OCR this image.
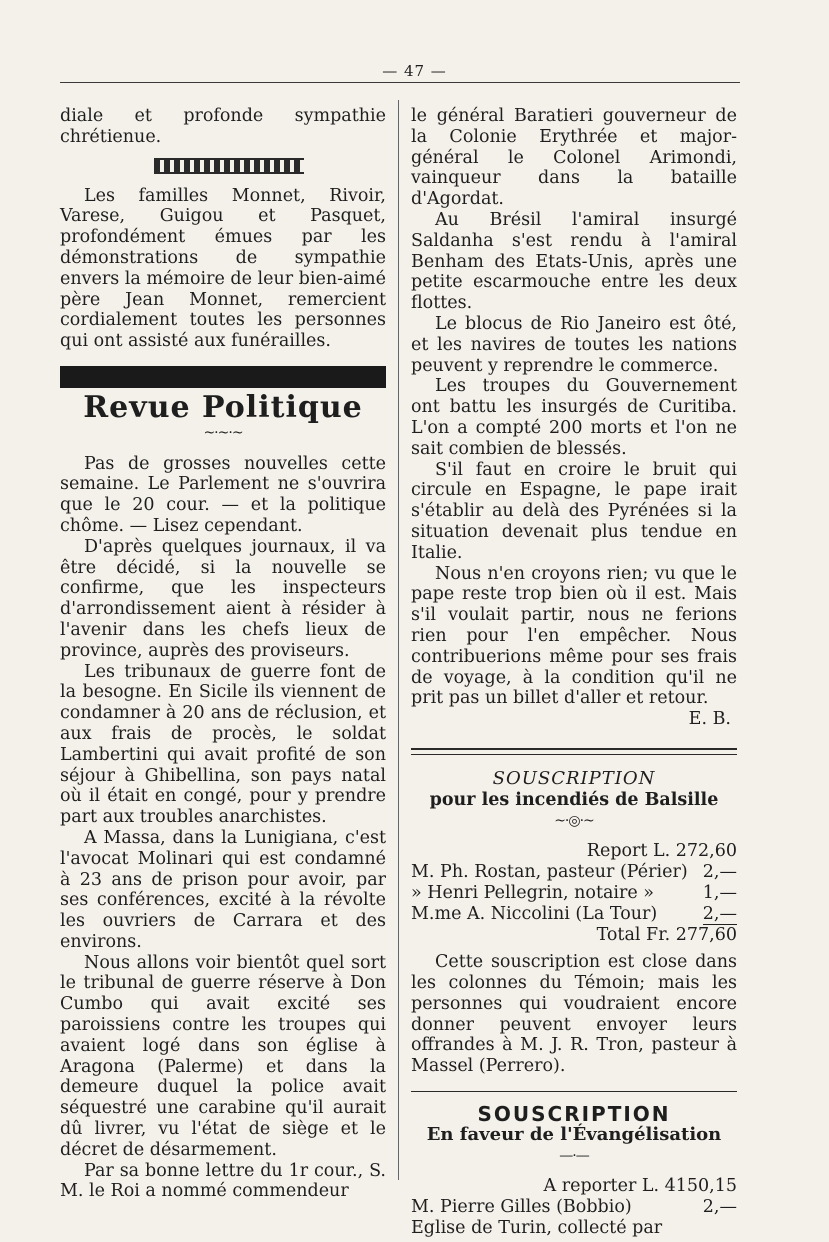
— 47 —

diale et profonde sympathie chrétienue.

Les familles Monnet, Rivoir, Varese, Guigou et Pasquet, profondément émues par les démonstrations de sympathie envers la mémoire de leur bien-aimé père Jean Monnet, remercient cordialement toutes les personnes qui ont assisté aux funérailles.

Revue Politique
~·~·~

Pas de grosses nouvelles cette semaine. Le Parlement ne s'ouvrira que le 20 cour. — et la politique chôme. — Lisez cependant.

D'après quelques journaux, il va être décidé, si la nouvelle se confirme, que les inspecteurs d'arrondissement aient à résider à l'avenir dans les chefs lieux de province, auprès des proviseurs.

Les tribunaux de guerre font de la besogne. En Sicile ils viennent de condamner à 20 ans de réclusion, et aux frais de procès, le soldat Lambertini qui avait profité de son séjour à Ghibellina, son pays natal où il était en congé, pour y prendre part aux troubles anarchistes.

A Massa, dans la Lunigiana, c'est l'avocat Molinari qui est condamné à 23 ans de prison pour avoir, par ses conférences, excité à la révolte les ouvriers de Carrara et des environs.

Nous allons voir bientôt quel sort le tribunal de guerre réserve à Don Cumbo qui avait excité ses paroissiens contre les troupes qui avaient logé dans son église à Aragona (Palerme) et dans la demeure duquel la police avait séquestré une carabine qu'il aurait dû livrer, vu l'état de siège et le décret de désarmement.

Par sa bonne lettre du 1r cour., S. M. le Roi a nommé commendeur

le général Baratieri gouverneur de la Colonie Erythrée et major-général le Colonel Arimondi, vainqueur dans la bataille d'Agordat.

Au Brésil l'amiral insurgé Saldanha s'est rendu à l'amiral Benham des Etats-Unis, après une petite escarmouche entre les deux flottes.

Le blocus de Rio Janeiro est ôté, et les navires de toutes les nations peuvent y reprendre le commerce.

Les troupes du Gouvernement ont battu les insurgés de Curitiba. L'on a compté 200 morts et l'on ne sait combien de blessés.

S'il faut en croire le bruit qui circule en Espagne, le pape irait s'établir au delà des Pyrénées si la situation devenait plus tendue en Italie.

Nous n'en croyons rien; vu que le pape reste trop bien où il est. Mais s'il voulait partir, nous ne ferions rien pour l'en empêcher. Nous contribuerions même pour ses frais de voyage, à la condition qu'il ne prit pas un billet d'aller et retour.

E. B.
SOUSCRIPTION
pour les incendiés de Balsille
~·◎·~
Report L. 272,60
M. Ph. Rostan, pasteur (Périer) 2,—
» Henri Pellegrin, notaire »	1,—
M.me A. Niccolini (La Tour)	2,—
Total Fr. 277,60

Cette souscription est close dans les colonnes du Témoin; mais les personnes qui voudraient encore donner peuvent envoyer leurs offrandes à M. J. R. Tron, pasteur à Massel (Perrero).

SOUSCRIPTION
En faveur de l'Évangélisation
—·—
A reporter L. 4150,15
M. Pierre Gilles (Bobbio)	2,—

Eglise de Turin, collecté par
